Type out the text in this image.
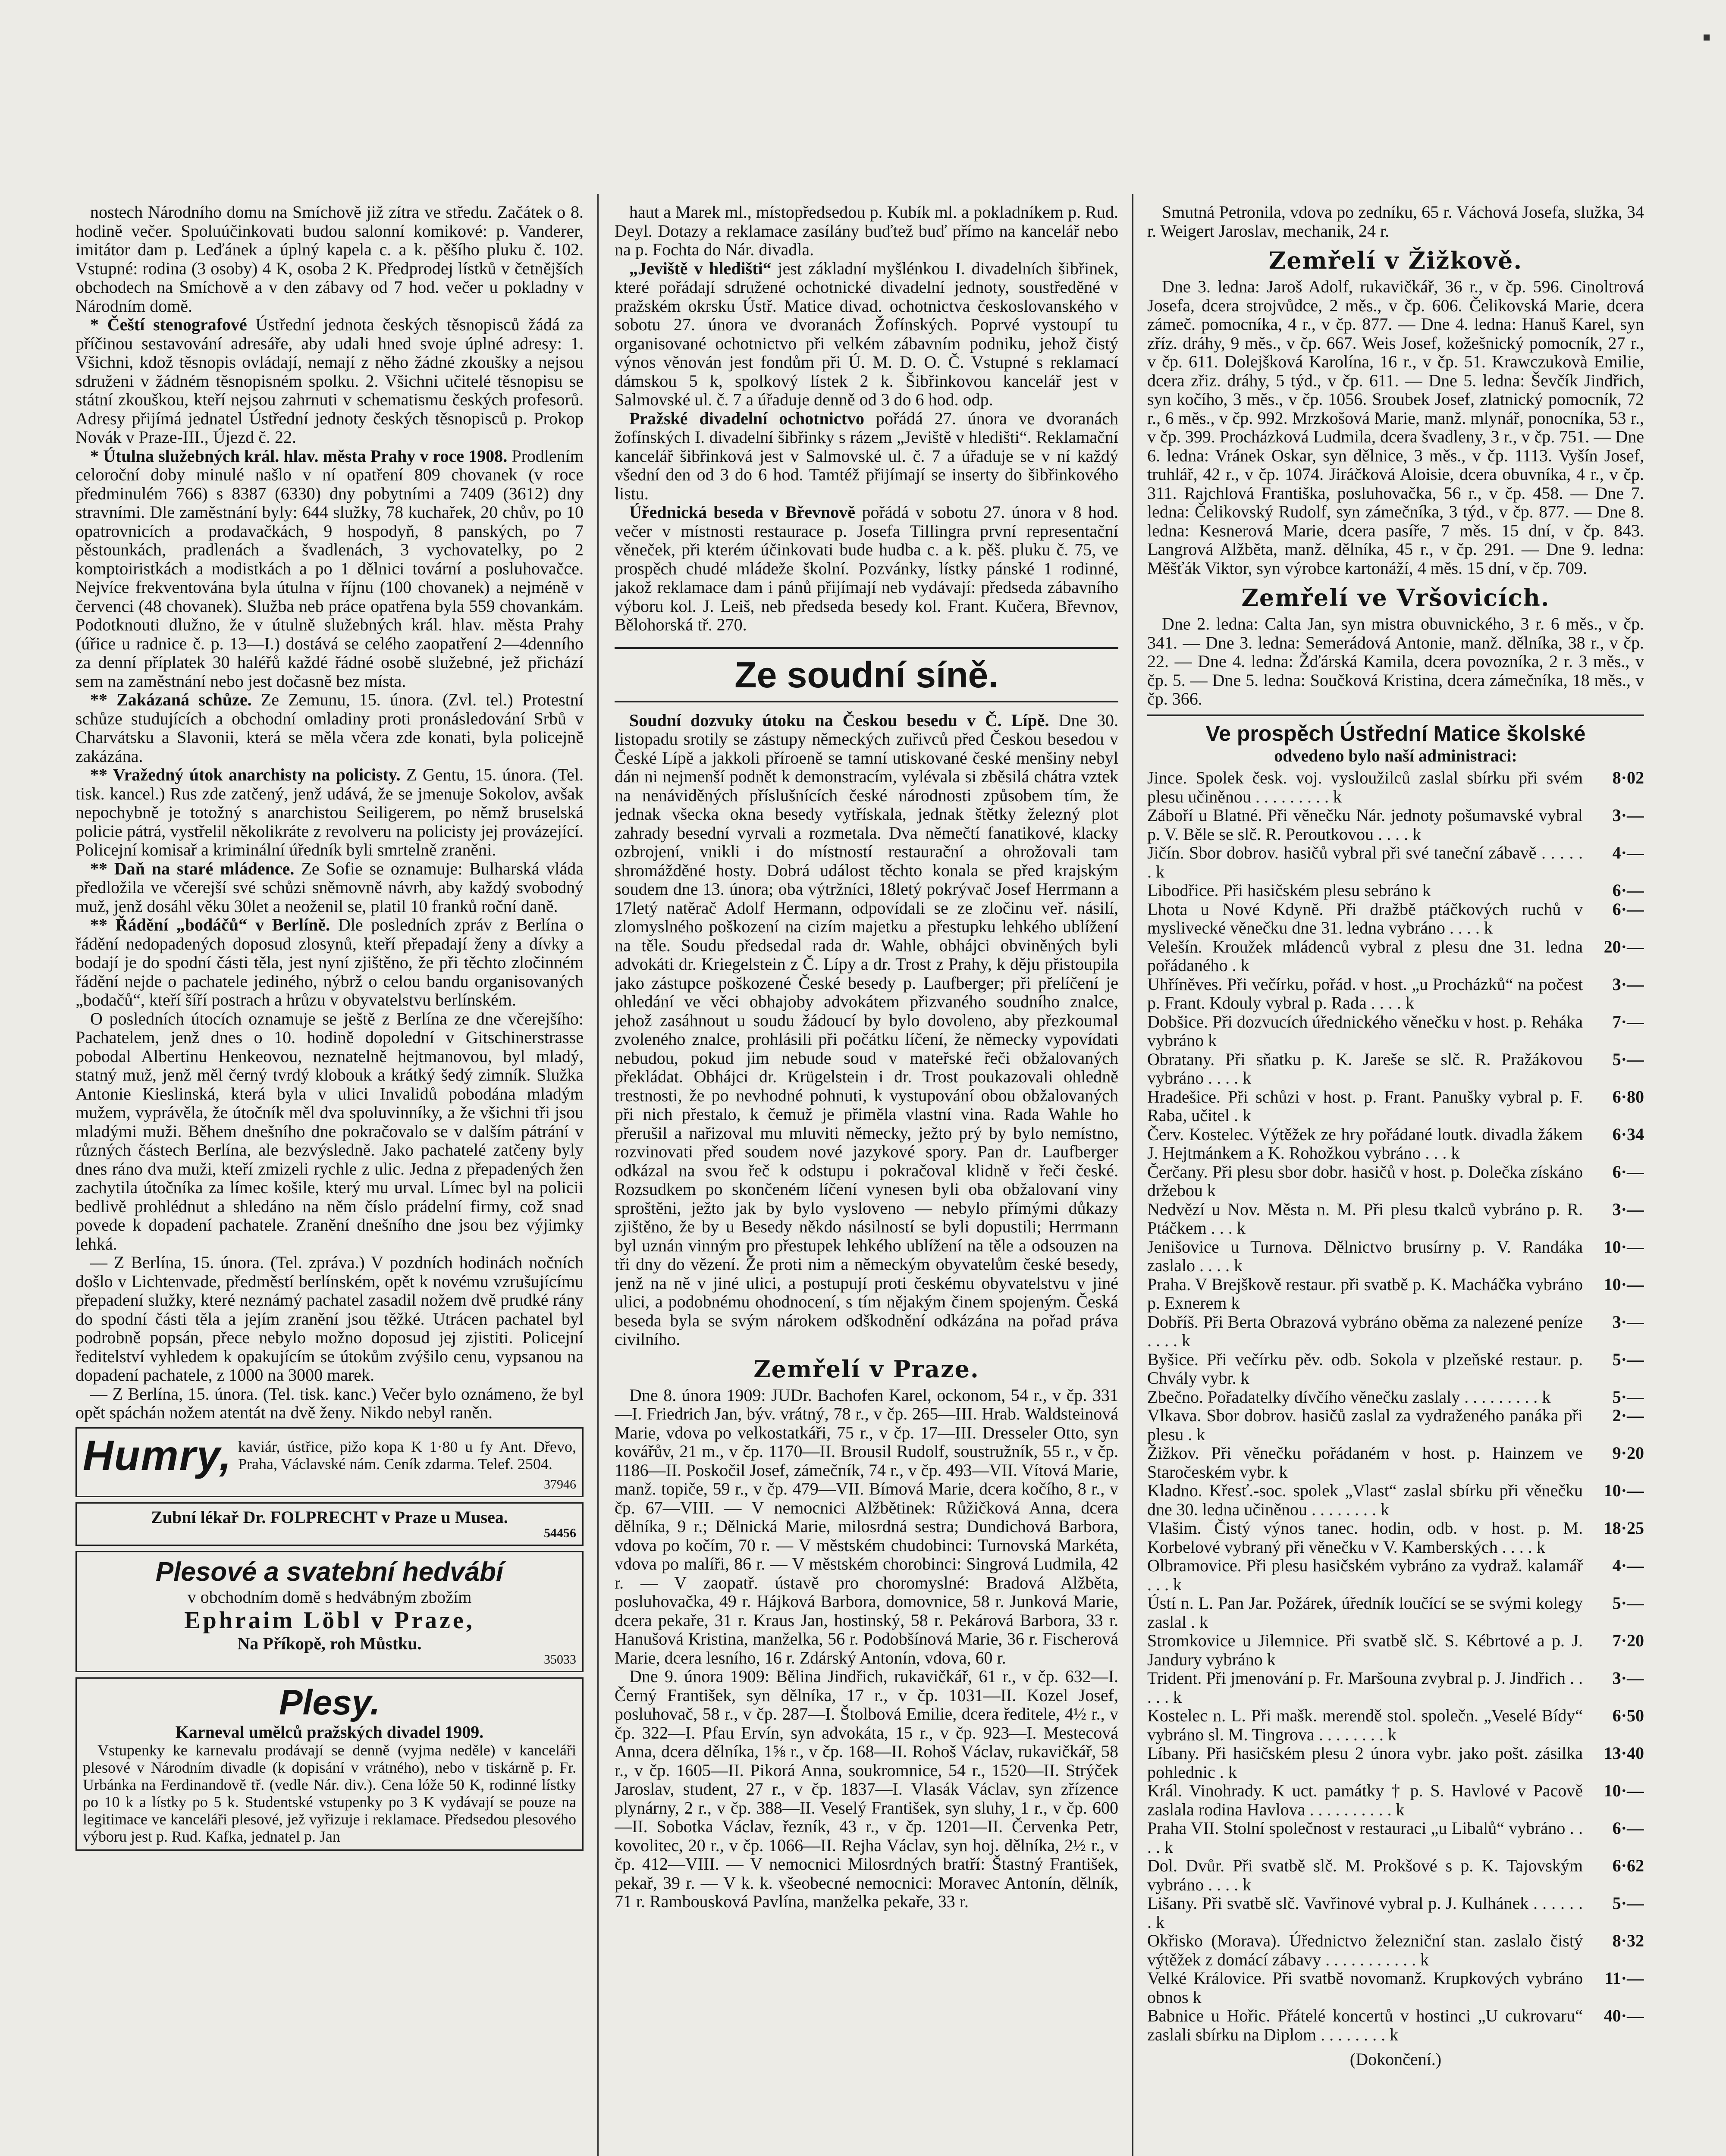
nostech Národního domu na Smíchově již zítra ve středu. Začátek o 8. hodině večer. Spoluúčinkovati budou salonní komikové: p. Vanderer, imitátor dam p. Leďánek a úplný kapela c. a k. pěšího pluku č. 102. Vstupné: rodina (3 osoby) 4 K, osoba 2 K. Předprodej lístků v četnějších obchodech na Smíchově a v den zábavy od 7 hod. večer u pokladny v Národním domě.

* Čeští stenografové Ústřední jednota českých těsnopisců žádá za příčinou sestavování adresáře, aby udali hned svoje úplné adresy: 1. Všichni, kdož těsnopis ovládají, nemají z něho žádné zkoušky a nejsou sdruženi v žádném těsnopisném spolku. 2. Všichni učitelé těsnopisu se státní zkouškou, kteří nejsou zahrnuti v schematismu českých profesorů. Adresy přijímá jednatel Ústřední jednoty českých těsnopisců p. Prokop Novák v Praze-III., Újezd č. 22.

* Útulna služebných král. hlav. města Prahy v roce 1908. Prodlením celoroční doby minulé našlo v ní opatření 809 chovanek (v roce předminulém 766) s 8387 (6330) dny pobytními a 7409 (3612) dny stravními. Dle zaměstnání byly: 644 služky, 78 kuchařek, 20 chův, po 10 opatrovnicích a prodavačkách, 9 hospodyň, 8 panských, po 7 pěstounkách, pradlenách a švadlenách, 3 vychovatelky, po 2 komptoiristkách a modistkách a po 1 dělnici tovární a posluhovačce. Nejvíce frekventována byla útulna v říjnu (100 chovanek) a nejméně v červenci (48 chovanek). Služba neb práce opatřena byla 559 chovankám. Podotknouti dlužno, že v útulně služebných král. hlav. města Prahy (úřice u radnice č. p. 13—I.) dostává se celého zaopatření 2—4denního za denní příplatek 30 haléřů každé řádné osobě služebné, jež přichází sem na zaměstnání nebo jest dočasně bez místa.

** Zakázaná schůze. Ze Zemunu, 15. února. (Zvl. tel.) Protestní schůze studujících a obchodní omladiny proti pronásledování Srbů v Charvátsku a Slavonii, která se měla včera zde konati, byla policejně zakázána.

** Vražedný útok anarchisty na policisty. Z Gentu, 15. února. (Tel. tisk. kancel.) Rus zde zatčený, jenž udává, že se jmenuje Sokolov, avšak nepochybně je totožný s anarchistou Seiligerem, po němž bruselská policie pátrá, vystřelil několikráte z revolveru na policisty jej provázející. Policejní komisař a kriminální úředník byli smrtelně zraněni.

** Daň na staré mládence. Ze Sofie se oznamuje: Bulharská vláda předložila ve včerejší své schůzi sněmovně návrh, aby každý svobodný muž, jenž dosáhl věku 30let a neoženil se, platil 10 franků roční daně.

** Řádění „bodáčů“ v Berlíně. Dle posledních zpráv z Berlína o řádění nedopadených doposud zlosynů, kteří přepadají ženy a dívky a bodají je do spodní části těla, jest nyní zjištěno, že při těchto zločinném řádění nejde o pachatele jediného, nýbrž o celou bandu organisovaných „bodačů“, kteří šíří postrach a hrůzu v obyvatelstvu berlínském.

O posledních útocích oznamuje se ještě z Berlína ze dne včerejšího: Pachatelem, jenž dnes o 10. hodině dopolední v Gitschinerstrasse pobodal Albertinu Henkeovou, neznatelně hejtmanovou, byl mladý, statný muž, jenž měl černý tvrdý klobouk a krátký šedý zimník. Služka Antonie Kieslinská, která byla v ulici Invalidů pobodána mladým mužem, vyprávěla, že útočník měl dva spoluvinníky, a že všichni tři jsou mladými muži. Během dnešního dne pokračovalo se v dalším pátrání v různých částech Berlína, ale bezvýsledně. Jako pachatelé zatčeny byly dnes ráno dva muži, kteří zmizeli rychle z ulic. Jedna z přepadených žen zachytila útočníka za límec košile, který mu urval. Límec byl na policii bedlivě prohlédnut a shledáno na něm číslo prádelní firmy, což snad povede k dopadení pachatele. Zranění dnešního dne jsou bez výjimky lehká.

— Z Berlína, 15. února. (Tel. zpráva.) V pozdních hodinách nočních došlo v Lichtenvade, předměstí berlínském, opět k novému vzrušujícímu přepadení služky, které neznámý pachatel zasadil nožem dvě prudké rány do spodní části těla a jejím zranění jsou těžké. Utrácen pachatel byl podrobně popsán, přece nebylo možno doposud jej zjistiti. Policejní ředitelství vyhledem k opakujícím se útokům zvýšilo cenu, vypsanou na dopadení pachatele, z 1000 na 3000 marek.

— Z Berlína, 15. února. (Tel. tisk. kanc.) Večer bylo oznámeno, že byl opět spáchán nožem atentát na dvě ženy. Nikdo nebyl raněn.

Humry, kaviár, ústřice, pižo kopa K 1·80 u fy Ant. Dřevo, Praha, Václavské nám. Ceník zdarma. Telef. 2504.
37946
Zubní lékař Dr. FOLPRECHT v Praze u Musea.
54456
Plesové a svatební hedvábí
v obchodním domě s hedvábným zbožím
Ephraim Löbl v Praze,
Na Příkopě, roh Můstku.
35033
Plesy.
Karneval umělců pražských divadel 1909.

Vstupenky ke karnevalu prodávají se denně (vyjma neděle) v kanceláři plesové v Národním divadle (k dopisání v vrátného), nebo v tiskárně p. Fr. Urbánka na Ferdinandově tř. (vedle Nár. div.). Cena lóže 50 K, rodinné lístky po 10 k a lístky po 5 k. Studentské vstupenky po 3 K vydávají se pouze na legitimace ve kanceláři plesové, jež vyřizuje i reklamace. Předsedou plesového výboru jest p. Rud. Kafka, jednatel p. Jan

haut a Marek ml., místopředsedou p. Kubík ml. a pokladníkem p. Rud. Deyl. Dotazy a reklamace zasílány buďtež buď přímo na kancelář nebo na p. Fochta do Nár. divadla.

„Jeviště v hledišti“ jest základní myšlénkou I. divadelních šibřinek, které pořádají sdružené ochotnické divadelní jednoty, soustředěné v pražském okrsku Ústř. Matice divad. ochotnictva českoslovanského v sobotu 27. února ve dvoranách Žofínských. Poprvé vystoupí tu organisované ochotnictvo při velkém zábavním podniku, jehož čistý výnos věnován jest fondům při Ú. M. D. O. Č. Vstupné s reklamací dámskou 5 k, spolkový lístek 2 k. Šibřinkovou kancelář jest v Salmovské ul. č. 7 a úřaduje denně od 3 do 6 hod. odp.

Pražské divadelní ochotnictvo pořádá 27. února ve dvoranách žofínských I. divadelní šibřinky s rázem „Jeviště v hledišti“. Reklamační kancelář šibřinková jest v Salmovské ul. č. 7 a úřaduje se v ní každý všední den od 3 do 6 hod. Tamtéž přijímají se inserty do šibřinkového listu.

Úřednická beseda v Břevnově pořádá v sobotu 27. února v 8 hod. večer v místnosti restaurace p. Josefa Tillingra první representační věneček, při kterém účinkovati bude hudba c. a k. pěš. pluku č. 75, ve prospěch chudé mládeže školní. Pozvánky, lístky pánské 1 rodinné, jakož reklamace dam i pánů přijímají neb vydávají: předseda zábavního výboru kol. J. Leiš, neb předseda besedy kol. Frant. Kučera, Břevnov, Bělohorská tř. 270.

Ze soudní síně.

Soudní dozvuky útoku na Českou besedu v Č. Lípě. Dne 30. listopadu srotily se zástupy německých zuřivců před Českou besedou v České Lípě a jakkoli příroeně se tamní utiskované české menšiny nebyl dán ni nejmenší podnět k demonstracím, vylévala si zběsilá chátra vztek na nenáviděných příslušnících české národnosti způsobem tím, že jednak všecka okna besedy vytřískala, jednak štětky železný plot zahrady besední vyrvali a rozmetala. Dva němečtí fanatikové, klacky ozbrojení, vnikli i do místností restaurační a ohrožovali tam shromážděné hosty. Dobrá událost těchto konala se před krajským soudem dne 13. února; oba výtržníci, 18letý pokrývač Josef Herrmann a 17letý natěrač Adolf Hermann, odpovídali se ze zločinu veř. násilí, zlomyslného poškození na cizím majetku a přestupku lehkého ublížení na těle. Soudu předsedal rada dr. Wahle, obhájci obviněných byli advokáti dr. Kriegelstein z Č. Lípy a dr. Trost z Prahy, k děju přistoupila jako zástupce poškozené České besedy p. Laufberger; při přelíčení je ohledání ve věci obhajoby advokátem přizvaného soudního znalce, jehož zasáhnout u soudu žádoucí by bylo dovoleno, aby přezkoumal zvoleného znalce, prohlásili při počátku líčení, že německy vypovídati nebudou, pokud jim nebude soud v mateřské řeči obžalovaných překládat. Obhájci dr. Krügelstein i dr. Trost poukazovali ohledně trestnosti, že po nevhodné pohnuti, k vystupování obou obžalovaných při nich přestalo, k čemuž je přiměla vlastní vina. Rada Wahle ho přerušil a nařizoval mu mluviti německy, ježto prý by bylo nemístno, rozvinovati před soudem nové jazykové spory. Pan dr. Laufberger odkázal na svou řeč k odstupu i pokračoval klidně v řeči české. Rozsudkem po skončeném líčení vynesen byli oba obžalovaní viny sproštěni, ježto jak by bylo vysloveno — nebylo přímými důkazy zjištěno, že by u Besedy někdo násilností se byli dopustili; Herrmann byl uznán vinným pro přestupek lehkého ublížení na těle a odsouzen na tři dny do vězení. Že proti nim a německým obyvatelům české besedy, jenž na ně v jiné ulici, a postupují proti českému obyvatelstvu v jiné ulici, a podobnému ohodnocení, s tím nějakým činem spojeným. Česká beseda byla se svým nárokem odškodnění odkázána na pořad práva civilního.

Zemřelí v Praze.

Dne 8. února 1909: JUDr. Bachofen Karel, ockonom, 54 r., v čp. 331—I. Friedrich Jan, býv. vrátný, 78 r., v čp. 265—III. Hrab. Waldsteinová Marie, vdova po velkostatkáři, 75 r., v čp. 17—III. Dresseler Otto, syn kovářův, 21 m., v čp. 1170—II. Brousil Rudolf, soustružník, 55 r., v čp. 1186—II. Poskočil Josef, zámečník, 74 r., v čp. 493—VII. Vítová Marie, manž. topiče, 59 r., v čp. 479—VII. Bímová Marie, dcera kočího, 8 r., v čp. 67—VIII. — V nemocnici Alžbětinek: Růžičková Anna, dcera dělníka, 9 r.; Dělnická Marie, milosrdná sestra; Dundichová Barbora, vdova po kočím, 70 r. — V městském chudobinci: Turnovská Markéta, vdova po malíři, 86 r. — V městském chorobinci: Singrová Ludmila, 42 r. — V zaopatř. ústavě pro choromyslné: Bradová Alžběta, posluhovačka, 49 r. Hájková Barbora, domovnice, 58 r. Junková Marie, dcera pekaře, 31 r. Kraus Jan, hostinský, 58 r. Pekárová Barbora, 33 r. Hanušová Kristina, manželka, 56 r. Podobšínová Marie, 36 r. Fischerová Marie, dcera lesního, 16 r. Zdárský Antonín, vdova, 60 r.

Dne 9. února 1909: Bělina Jindřich, rukavičkář, 61 r., v čp. 632—I. Černý František, syn dělníka, 17 r., v čp. 1031—II. Kozel Josef, posluhovač, 58 r., v čp. 287—I. Štolbová Emilie, dcera ředitele, 4½ r., v čp. 322—I. Pfau Ervín, syn advokáta, 15 r., v čp. 923—I. Mestecová Anna, dcera dělníka, 1⅝ r., v čp. 168—II. Rohoš Václav, rukavičkář, 58 r., v čp. 1605—II. Pikorá Anna, soukromnice, 54 r., 1520—II. Strýček Jaroslav, student, 27 r., v čp. 1837—I. Vlasák Václav, syn zřízence plynárny, 2 r., v čp. 388—II. Veselý František, syn sluhy, 1 r., v čp. 600—II. Sobotka Václav, řezník, 43 r., v čp. 1201—II. Červenka Petr, kovolitec, 20 r., v čp. 1066—II. Rejha Václav, syn hoj. dělníka, 2½ r., v čp. 412—VIII. — V nemocnici Milosrdných bratří: Štastný František, pekař, 39 r. — V k. k. všeobecné nemocnici: Moravec Antonín, dělník, 71 r. Rambousková Pavlína, manželka pekaře, 33 r.

Smutná Petronila, vdova po zedníku, 65 r. Váchová Josefa, služka, 34 r. Weigert Jaroslav, mechanik, 24 r.

Zemřelí v Žižkově.

Dne 3. ledna: Jaroš Adolf, rukavičkář, 36 r., v čp. 596. Cinoltrová Josefa, dcera strojvůdce, 2 měs., v čp. 606. Čelikovská Marie, dcera zámeč. pomocníka, 4 r., v čp. 877. — Dne 4. ledna: Hanuš Karel, syn zříz. dráhy, 9 měs., v čp. 667. Weis Josef, kožešnický pomocník, 27 r., v čp. 611. Dolejšková Karolína, 16 r., v čp. 51. Krawczukovà Emilie, dcera zřiz. dráhy, 5 týd., v čp. 611. — Dne 5. ledna: Ševčík Jindřich, syn kočího, 3 měs., v čp. 1056. Sroubek Josef, zlatnický pomocník, 72 r., 6 měs., v čp. 992. Mrzkošová Marie, manž. mlynář, ponocníka, 53 r., v čp. 399. Procházková Ludmila, dcera švadleny, 3 r., v čp. 751. — Dne 6. ledna: Vránek Oskar, syn dělnice, 3 měs., v čp. 1113. Vyšín Josef, truhlář, 42 r., v čp. 1074. Jiráčková Aloisie, dcera obuvníka, 4 r., v čp. 311. Rajchlová Františka, posluhovačka, 56 r., v čp. 458. — Dne 7. ledna: Čelikovský Rudolf, syn zámečníka, 3 týd., v čp. 877. — Dne 8. ledna: Kesnerová Marie, dcera pasíře, 7 měs. 15 dní, v čp. 843. Langrová Alžběta, manž. dělníka, 45 r., v čp. 291. — Dne 9. ledna: Měšťák Viktor, syn výrobce kartonáží, 4 měs. 15 dní, v čp. 709.

Zemřelí ve Vršovicích.

Dne 2. ledna: Calta Jan, syn mistra obuvnického, 3 r. 6 měs., v čp. 341. — Dne 3. ledna: Semerádová Antonie, manž. dělníka, 38 r., v čp. 22. — Dne 4. ledna: Žďárská Kamila, dcera povozníka, 2 r. 3 měs., v čp. 5. — Dne 5. ledna: Součková Kristina, dcera zámečníka, 18 měs., v čp. 366.

Ve prospěch Ústřední Matice školské
odvedeno bylo naší administraci:
Jince. Spolek česk. voj. vysloužilců zaslal sbírku při svém plesu učiněnou . . . . . . . . . k
8·02
Záboří u Blatné. Při věnečku Nár. jednoty pošumavské vybral p. V. Běle se slč. R. Peroutkovou . . . . k
3·—
Jičín. Sbor dobrov. hasičů vybral při své taneční zábavě . . . . . . k
4·—
Libodřice. Při hasičském plesu sebráno k	6·—
Lhota u Nové Kdyně. Při dražbě ptáčkových ruchů v myslivecké věnečku dne 31. ledna vybráno . . . . k
6·—
Velešín. Kroužek mládenců vybral z plesu dne 31. ledna pořádaného . k
20·—
Uhříněves. Při večírku, pořád. v host. „u Procházků“ na počest p. Frant. Kdouly vybral p. Rada . . . . k
3·—
Dobšice. Při dozvucích úřednického věnečku v host. p. Reháka vybráno k
7·—
Obratany. Při sňatku p. K. Jareše se slč. R. Pražákovou vybráno . . . . k
5·—
Hradešice. Při schůzi v host. p. Frant. Panušky vybral p. F. Raba, učitel . k
6·80
Červ. Kostelec. Výtěžek ze hry pořádané loutk. divadla žákem J. Hejtmánkem a K. Rohožkou vybráno . . . k
6·34
Čerčany. Při plesu sbor dobr. hasičů v host. p. Dolečka získáno držebou k
6·—
Nedvězí u Nov. Města n. M. Při plesu tkalců vybráno p. R. Ptáčkem . . . k
3·—
Jenišovice u Turnova. Dělnictvo brusírny p. V. Randáka zaslalo . . . . k
10·—
Praha. V Brejškově restaur. při svatbě p. K. Macháčka vybráno p. Exnerem k
10·—
Dobříš. Při Berta Obrazová vybráno oběma za nalezené peníze . . . . k
3·—
Byšice. Při večírku pěv. odb. Sokola v plzeňské restaur. p. Chvály vybr. k
5·—
Zbečno. Pořadatelky dívčího věnečku zaslaly . . . . . . . . . k	5·—
Vlkava. Sbor dobrov. hasičů zaslal za vydraženého panáka při plesu . k
2·—
Žižkov. Při věnečku pořádaném v host. p. Hainzem ve Staročeském vybr. k
9·20
Kladno. Křesť.-soc. spolek „Vlast“ zaslal sbírku při věnečku dne 30. ledna učiněnou . . . . . . . . k
10·—
Vlašim. Čistý výnos tanec. hodin, odb. v host. p. M. Korbelové vybraný při věnečku v V. Kamberských . . . . k
18·25
Olbramovice. Při plesu hasičském vybráno za vydraž. kalamář . . . k
4·—
Ústí n. L. Pan Jar. Požárek, úředník loučící se se svými kolegy zaslal . k
5·—
Stromkovice u Jilemnice. Při svatbě slč. S. Kébrtové a p. J. Jandury vybráno k
7·20
Trident. Při jmenování p. Fr. Maršouna zvybral p. J. Jindřich . . . . . k
3·—
Kostelec n. L. Při mašk. merendě stol. společn. „Veselé Bídy“ vybráno sl. M. Tingrova . . . . . . . . k
6·50
Líbany. Při hasičském plesu 2 února vybr. jako pošt. zásilka pohlednic . k
13·40
Král. Vinohrady. K uct. památky † p. S. Havlové v Pacově zaslala rodina Havlova . . . . . . . . . . k
10·—
Praha VII. Stolní společnost v restauraci „u Libalů“ vybráno . . . . k
6·—
Dol. Dvůr. Při svatbě slč. M. Prokšové s p. K. Tajovským vybráno . . . . k
6·62
Lišany. Při svatbě slč. Vavřinové vybral p. J. Kulhánek . . . . . . . k
5·—
Okřisko (Morava). Úřednictvo železniční stan. zaslalo čistý výtěžek z domácí zábavy . . . . . . . . . . . k
8·32
Velké Královice. Při svatbě novomanž. Krupkových vybráno obnos k
11·—
Babnice u Hořic. Přátelé koncertů v hostinci „U cukrovaru“ zaslali sbírku na Diplom . . . . . . . . k
40·—
(Dokončení.)
